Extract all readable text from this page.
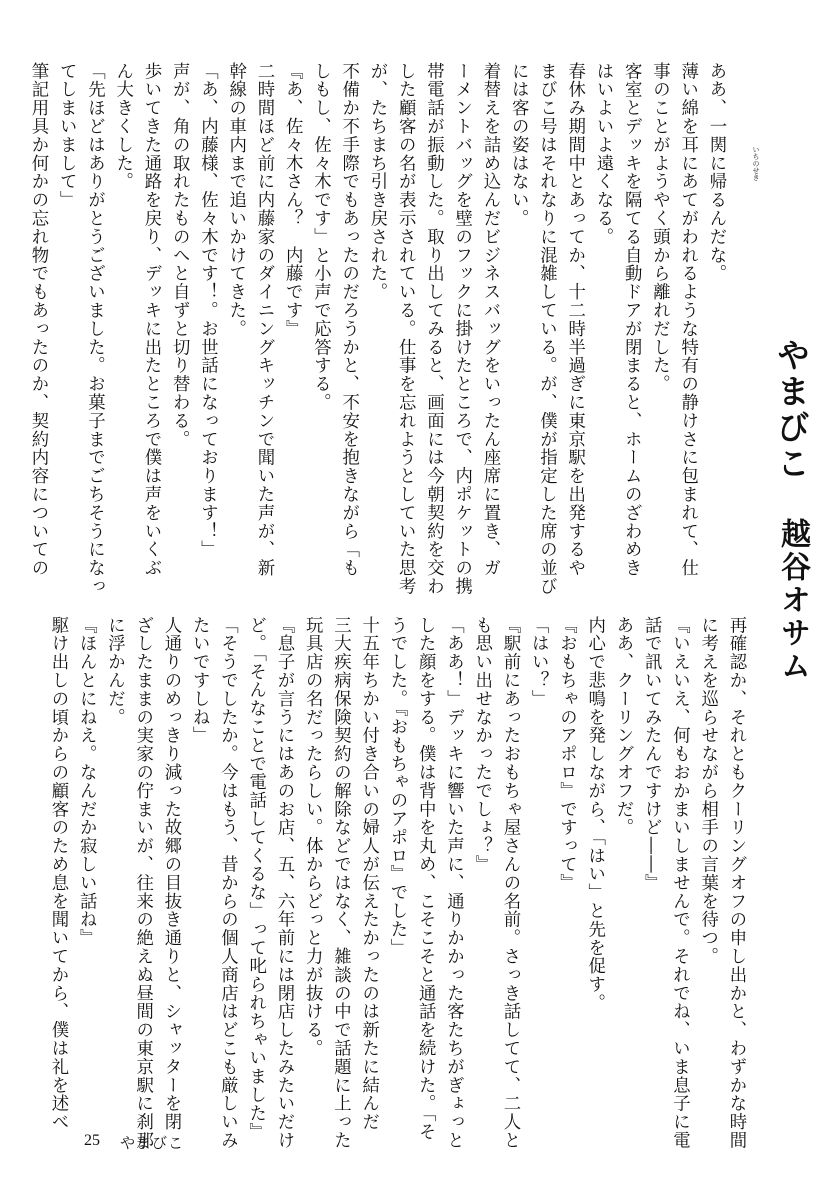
やまびこ
越谷オサム
いちのせき
ああ、一関に帰るんだな。
薄い綿を耳にあてがわれるような特有の静けさに包まれて、仕
事のことがようやく頭から離れだした。
客室とデッキを隔てる自動ドアが閉まると、ホームのざわめき
はいよいよ遠くなる。
春休み期間中とあってか、十二時半過ぎに東京駅を出発するや
まびこ号はそれなりに混雑している。が、僕が指定した席の並び
には客の姿はない。
着替えを詰め込んだビジネスバッグをいったん座席に置き、ガ
ーメントバッグを壁のフックに掛けたところで、内ポケットの携
帯電話が振動した。取り出してみると、画面には今朝契約を交わ
した顧客の名が表示されている。仕事を忘れようとしていた思考
が、たちまち引き戻された。
不備か不手際でもあったのだろうかと、不安を抱きながら「も
しもし、佐々木です」と小声で応答する。
『あ、佐々木さん？　内藤です』
二時間ほど前に内藤家のダイニングキッチンで聞いた声が、新
幹線の車内まで追いかけてきた。
「あ、内藤様、佐々木です！。お世話になっております！」
声が、角の取れたものへと自ずと切り替わる。
歩いてきた通路を戻り、デッキに出たところで僕は声をいくぶ
ん大きくした。
「先ほどはありがとうございました。お菓子までごちそうになっ
てしまいまして」
筆記用具か何かの忘れ物でもあったのか、契約内容についての
再確認か、それともクーリングオフの申し出かと、わずかな時間
に考えを巡らせながら相手の言葉を待つ。
『いえいえ、何もおかまいしませんで。それでね、いま息子に電
話で訊いてみたんですけど――』
ああ、クーリングオフだ。
内心で悲鳴を発しながら、「はい」と先を促す。
『おもちゃのアポロ』ですって』
「はい？」
『駅前にあったおもちゃ屋さんの名前。さっき話してて、二人と
も思い出せなかったでしょ？』
「ああ！」デッキに響いた声に、通りかかった客たちがぎょっと
した顔をする。僕は背中を丸め、こそこそと通話を続けた。「そ
うでした。『おもちゃのアポロ』でした」
十五年ちかい付き合いの婦人が伝えたかったのは新たに結んだ
三大疾病保険契約の解除などではなく、雑談の中で話題に上った
玩具店の名だったらしい。体からどっと力が抜ける。
『息子が言うにはあのお店、五、六年前には閉店したみたいだけ
ど。「そんなことで電話してくるな」って叱られちゃいました』
「そうでしたか。今はもう、昔からの個人商店はどこも厳しいみ
たいですしね」
人通りのめっきり減った故郷の目抜き通りと、シャッターを閉
ざしたままの実家の佇まいが、往来の絶えぬ昼間の東京駅に刹那
に浮かんだ。
『ほんとにねえ。なんだか寂しい話ね』
駆け出しの頃からの顧客のため息を聞いてから、僕は礼を述べ
25 やまびこ
